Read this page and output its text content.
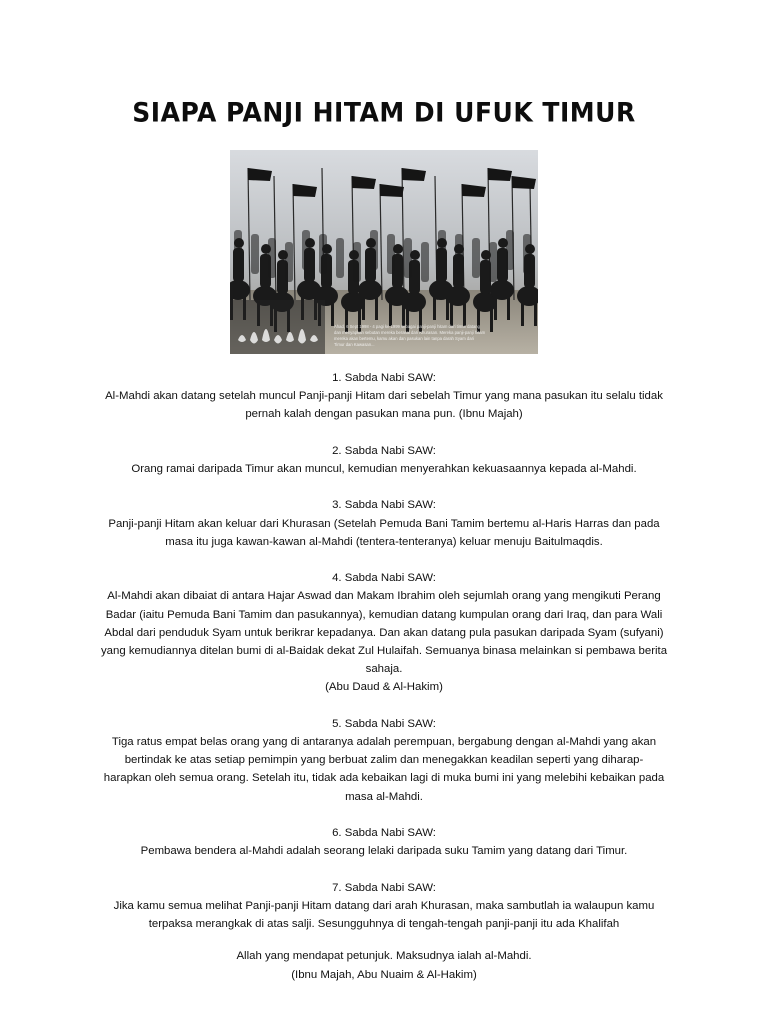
SIAPA PANJI HITAM DI UFUK TIMUR
Ahad, 6 Sept 1998 - 4 pagi ke 1999 sebagai panji-panji hitam dari timur datang
dan menyapkan sebutan mereka berasal dari Khurasan. Mereka panji-panji hitam
mereka akan bertemu, kamu akan dan pasukan lain tanpa darah Syam dari
Timur dan Kawasan...

1. Sabda Nabi SAW:

Al-Mahdi akan datang setelah muncul Panji-panji Hitam dari sebelah Timur yang mana pasukan itu selalu tidak

pernah kalah dengan pasukan mana pun. (Ibnu Majah)

2. Sabda Nabi SAW:

Orang ramai daripada Timur akan muncul, kemudian menyerahkan kekuasaannya kepada al-Mahdi.

3. Sabda Nabi SAW:

Panji-panji Hitam akan keluar dari Khurasan (Setelah Pemuda Bani Tamim bertemu al-Haris Harras dan pada

masa itu juga kawan-kawan al-Mahdi (tentera-tenteranya) keluar menuju Baitulmaqdis.

4. Sabda Nabi SAW:

Al-Mahdi akan dibaiat di antara Hajar Aswad dan Makam Ibrahim oleh sejumlah orang yang mengikuti Perang

Badar (iaitu Pemuda Bani Tamim dan pasukannya), kemudian datang kumpulan orang dari Iraq, dan para Wali

Abdal dari penduduk Syam untuk berikrar kepadanya. Dan akan datang pula pasukan daripada Syam (sufyani)

yang kemudiannya ditelan bumi di al-Baidak dekat Zul Hulaifah. Semuanya binasa melainkan si pembawa berita

sahaja.

(Abu Daud & Al-Hakim)

5. Sabda Nabi SAW:

Tiga ratus empat belas orang yang di antaranya adalah perempuan, bergabung dengan al-Mahdi yang akan

bertindak ke atas setiap pemimpin yang berbuat zalim dan menegakkan keadilan seperti yang diharap-

harapkan oleh semua orang. Setelah itu, tidak ada kebaikan lagi di muka bumi ini yang melebihi kebaikan pada

masa al-Mahdi.

6. Sabda Nabi SAW:

Pembawa bendera al-Mahdi adalah seorang lelaki daripada suku Tamim yang datang dari Timur.

7. Sabda Nabi SAW:

Jika kamu semua melihat Panji-panji Hitam datang dari arah Khurasan, maka sambutlah ia walaupun kamu

terpaksa merangkak di atas salji. Sesungguhnya di tengah-tengah panji-panji itu ada Khalifah

Allah yang mendapat petunjuk. Maksudnya ialah al-Mahdi.

(Ibnu Majah, Abu Nuaim & Al-Hakim)
